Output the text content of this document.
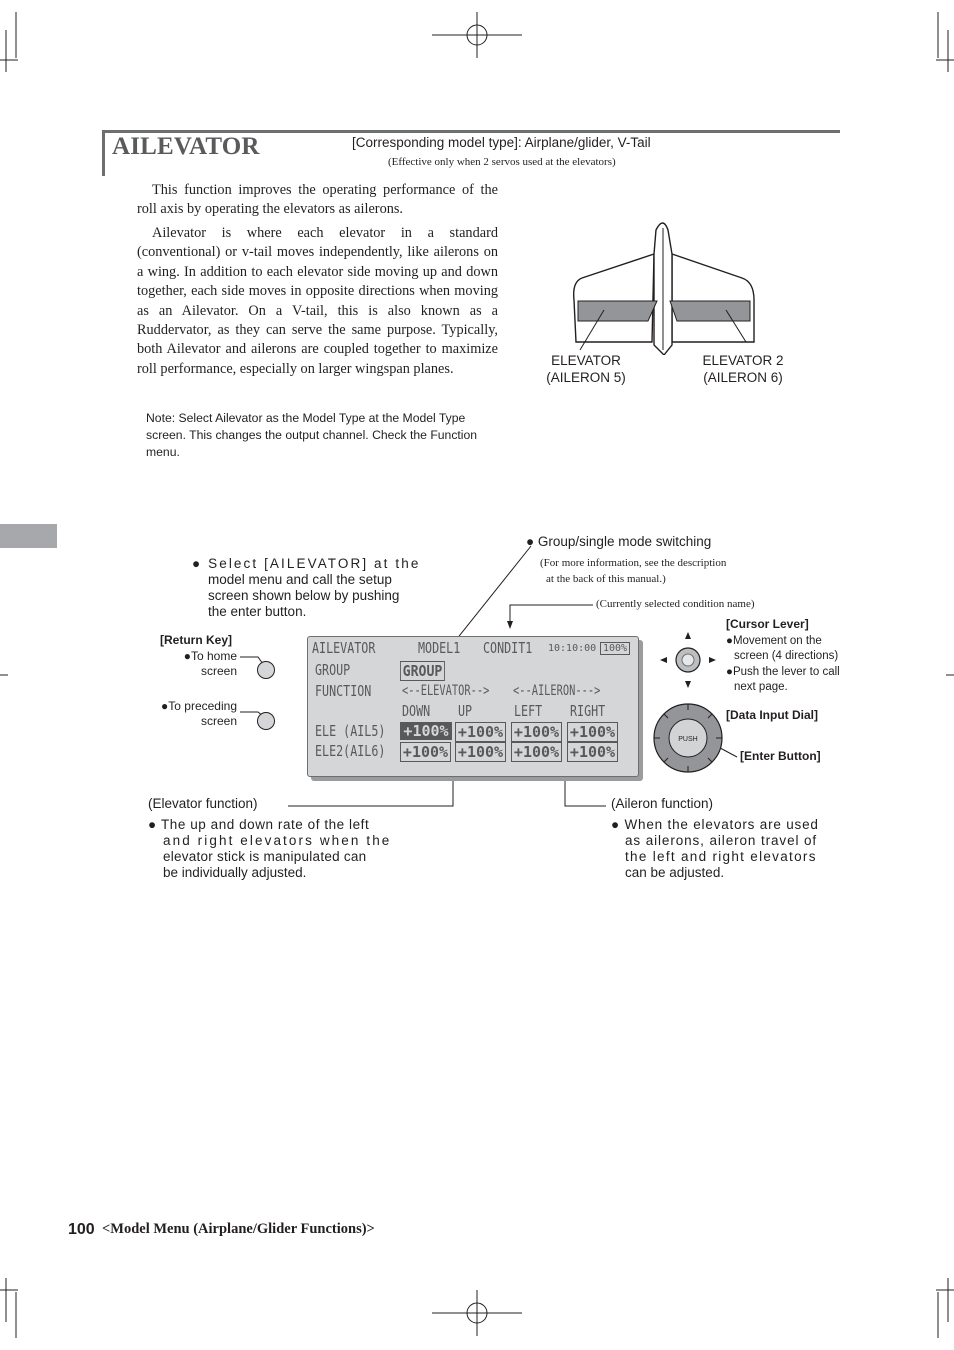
AILEVATOR	[Corresponding model type]: Airplane/glider, V-Tail
(Effective only when 2 servos used at the elevators)
This function improves the operating performance of the roll axis by operating the elevators as ailerons.
Ailevator is where each elevator in a standard (conventional) or v-tail moves independently, like ailerons on a wing. In addition to each elevator side moving up and down together, each side moves in opposite directions when moving as an Ailevator. On a V-tail, this is also known as a Ruddervator, as they can serve the same purpose. Typically, both Ailevator and ailerons are coupled together to maximize roll performance, especially on larger wingspan planes.
Note: Select Ailevator as the Model Type at the Model Type screen. This changes the output channel. Check the Function menu.
ELEVATOR
(AILERON 5)
ELEVATOR 2
(AILERON 6)
● Select [AILEVATOR] at the
model menu and call the setup
screen shown below by pushing
the enter button.
● Group/single mode switching
(For more information, see the description
at the back of this manual.)
(Currently selected condition name)
[Return Key]
●To home
screen
●To preceding
screen
[Cursor Lever]
●Movement on the
screen (4 directions)
●Push the lever to call
next page.
[Data Input Dial]
[Enter Button]
PUSH
AILEVATOR	MODEL1 CONDIT1 10:10:00 100%
GROUP	GROUP
FUNCTION <--ELEVATOR--> <--AILERON--->
DOWN UP	LEFT RIGHT
ELE (AIL5) +100% +100% +100% +100%
ELE2(AIL6) +100% +100% +100% +100%
(Elevator function)
● The up and down rate of the left
and right elevators when the
elevator stick is manipulated can
be individually adjusted.
(Aileron function)
● When the elevators are used
as ailerons, aileron travel of
the left and right elevators
can be adjusted.
100 <Model Menu (Airplane/Glider Functions)>
